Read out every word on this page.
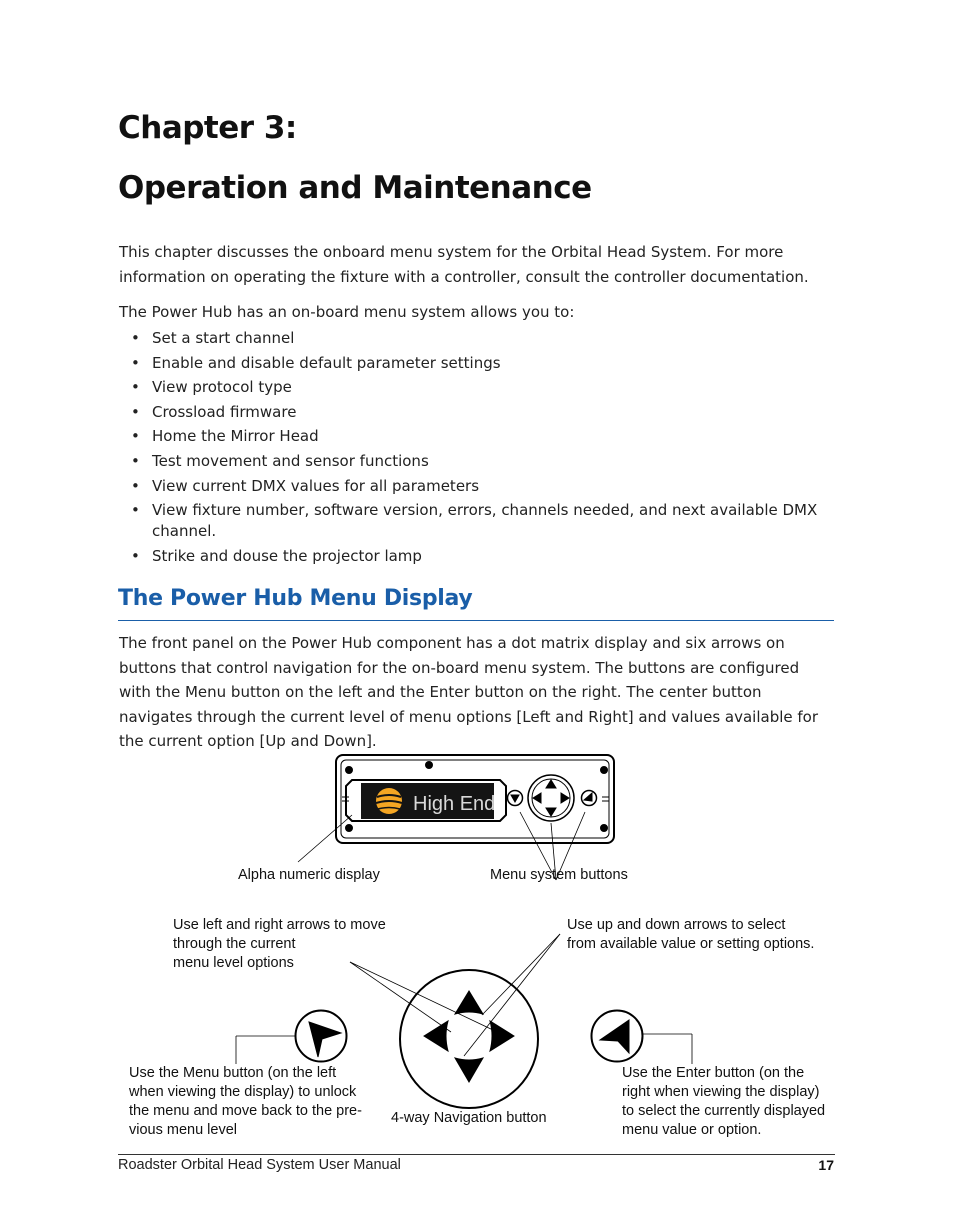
Chapter 3:
Operation and Maintenance

This chapter discusses the onboard menu system for the Orbital Head System. For more information on operating the fixture with a controller, consult the controller documentation.

The Power Hub has an on-board menu system allows you to:

• Set a start channel
• Enable and disable default parameter settings
• View protocol type
• Crossload firmware
• Home the Mirror Head
• Test movement and sensor functions
• View current DMX values for all parameters
• View fixture number, software version, errors, channels needed, and next available DMX channel.
• Strike and douse the projector lamp
The Power Hub Menu Display

The front panel on the Power Hub component has a dot matrix display and six arrows on buttons that control navigation for the on-board menu system. The buttons are configured with the Menu button on the left and the Enter button on the right. The center button navigates through the current level of menu options [Left and Right] and values available for the current option [Up and Down].

High End

Alpha numeric display	Menu system buttons

Use left and right arrows to move

through the current

menu level options

Use up and down arrows to select

from available value or setting options.

Use the Menu button (on the left

when viewing the display) to unlock

the menu and move back to the pre-

vious menu level

4-way Navigation button

Use the Enter button (on the

right when viewing the display)

to select the currently displayed

menu value or option.

Roadster Orbital Head System User Manual	17
